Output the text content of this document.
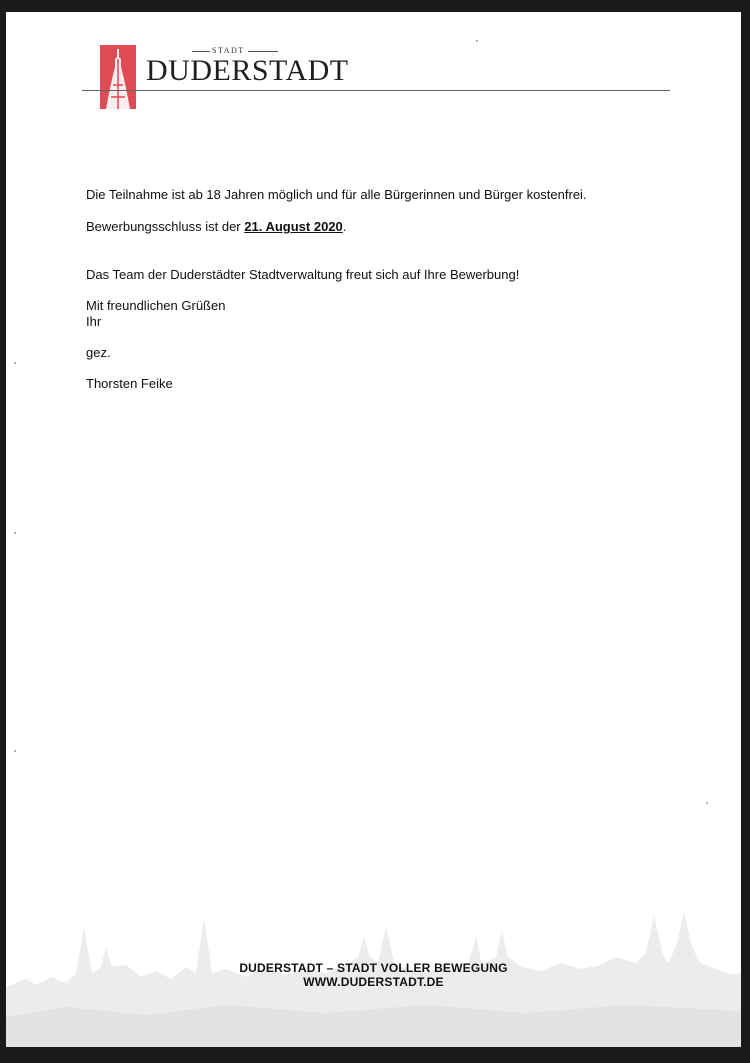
STADT
DUDERSTADT
Die Teilnahme ist ab 18 Jahren möglich und für alle Bürgerinnen und Bürger kostenfrei.
Bewerbungsschluss ist der 21. August 2020.
Das Team der Duderstädter Stadtverwaltung freut sich auf Ihre Bewerbung!
Mit freundlichen Grüßen
Ihr
gez.
Thorsten Feike
DUDERSTADT – STADT VOLLER BEWEGUNG
WWW.DUDERSTADT.DE
